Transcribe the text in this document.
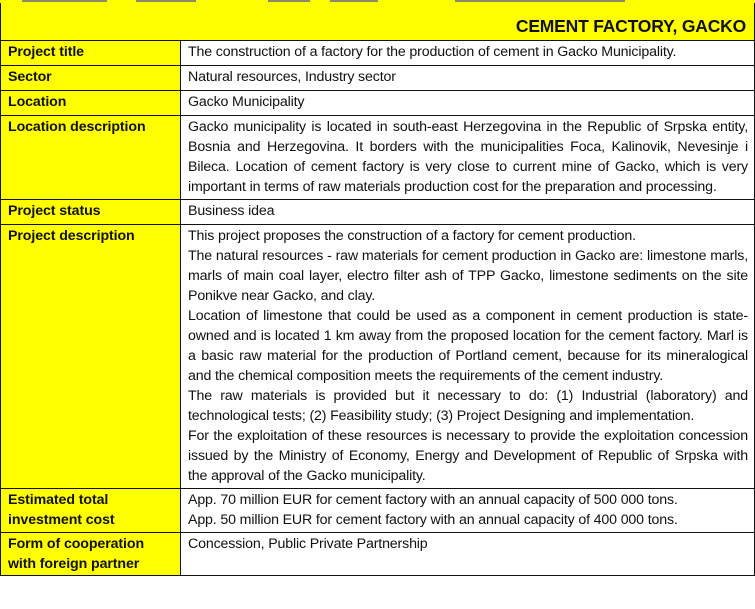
CEMENT FACTORY, GACKO	
Project title	The construction of a factory for the production of cement in Gacko Municipality.

Sector	Natural resources, Industry sector

Location	Gacko Municipality

Location description	Gacko municipality is located in south-east Herzegovina in the Republic of Srpska entity, Bosnia and Herzegovina. It borders with the municipalities Foca, Kalinovik, Nevesinje i Bileca. Location of cement factory is very close to current mine of Gacko, which is very important in terms of raw materials production cost for the preparation and processing.

Project status	Business idea

Project description	This project proposes the construction of a factory for cement production.

The natural resources - raw materials for cement production in Gacko are: limestone marls, marls of main coal layer, electro filter ash of TPP Gacko, limestone sediments on the site Ponikve near Gacko, and clay.

Location of limestone that could be used as a component in cement production is state-owned and is located 1 km away from the proposed location for the cement factory. Marl is a basic raw material for the production of Portland cement, because for its mineralogical and the chemical composition meets the requirements of the cement industry.

The raw materials is provided but it necessary to do: (1) Industrial (laboratory) and technological tests; (2) Feasibility study; (3) Project Designing and implementation.

For the exploitation of these resources is necessary to provide the exploitation concession issued by the Ministry of Economy, Energy and Development of Republic of Srpska with the approval of the Gacko municipality.

Estimated total investment cost	App. 70 million EUR for cement factory with an annual capacity of 500 000 tons.

App. 50 million EUR for cement factory with an annual capacity of 400 000 tons.

Form of cooperation with foreign partner	Concession, Public Private Partnership
